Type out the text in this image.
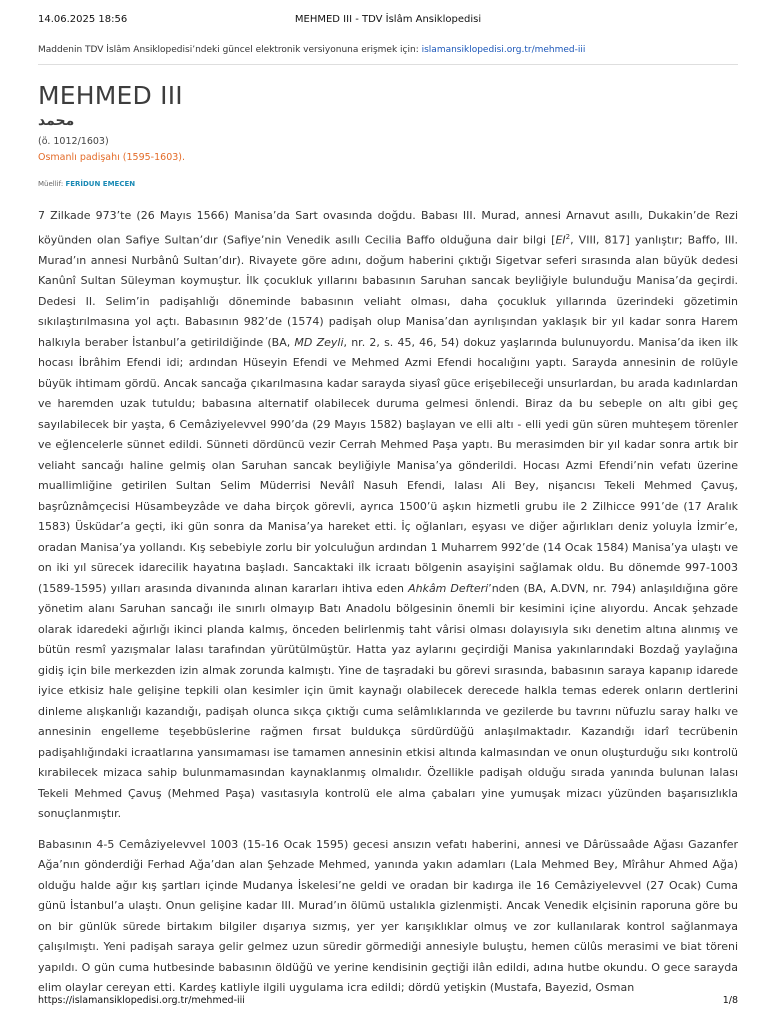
14.06.2025 18:56	MEHMED III - TDV İslâm Ansiklopedisi
Maddenin TDV İslâm Ansiklopedisi’ndeki güncel elektronik versiyonuna erişmek için: islamansiklopedisi.org.tr/mehmed-iii
MEHMED III
محمد
(ö. 1012/1603)
Osmanlı padişahı (1595-1603).
Müellif: FERİDUN EMECEN

7 Zilkade 973’te (26 Mayıs 1566) Manisa’da Sart ovasında doğdu. Babası III. Murad, annesi Arnavut asıllı, Dukakin’de Rezi köyünden olan Safiye Sultan’dır (Safiye’nin Venedik asıllı Cecilia Baffo olduğuna dair bilgi [$EI^2$, VIII, 817] yanlıştır; Baffo, III. Murad’ın annesi Nurbânû Sultan’dır). Rivayete göre adını, doğum haberini çıktığı Sigetvar seferi sırasında alan büyük dedesi Kanûnî Sultan Süleyman koymuştur. İlk çocukluk yıllarını babasının Saruhan sancak beyliğiyle bulunduğu Manisa’da geçirdi. Dedesi II. Selim’in padişahlığı döneminde babasının veliaht olması, daha çocukluk yıllarında üzerindeki gözetimin sıkılaştırılmasına yol açtı. Babasının 982’de (1574) padişah olup Manisa’dan ayrılışından yaklaşık bir yıl kadar sonra Harem halkıyla beraber İstanbul’a getirildiğinde (BA, MD Zeyli, nr. 2, s. 45, 46, 54) dokuz yaşlarında bulunuyordu. Manisa’da iken ilk hocası İbrâhim Efendi idi; ardından Hüseyin Efendi ve Mehmed Azmi Efendi hocalığını yaptı. Sarayda annesinin de rolüyle büyük ihtimam gördü. Ancak sancağa çıkarılmasına kadar sarayda siyasî güce erişebileceği unsurlardan, bu arada kadınlardan ve haremden uzak tutuldu; babasına alternatif olabilecek duruma gelmesi önlendi. Biraz da bu sebeple on altı gibi geç sayılabilecek bir yaşta, 6 Cemâziyelevvel 990’da (29 Mayıs 1582) başlayan ve elli altı - elli yedi gün süren muhteşem törenler ve eğlencelerle sünnet edildi. Sünneti dördüncü vezir Cerrah Mehmed Paşa yaptı. Bu merasimden bir yıl kadar sonra artık bir veliaht sancağı haline gelmiş olan Saruhan sancak beyliğiyle Manisa’ya gönderildi. Hocası Azmi Efendi’nin vefatı üzerine muallimliğine getirilen Sultan Selim Müderrisi Nevâlî Nasuh Efendi, lalası Ali Bey, nişancısı Tekeli Mehmed Çavuş, başrûznâmçecisi Hüsambeyzâde ve daha birçok görevli, ayrıca 1500’ü aşkın hizmetli grubu ile 2 Zilhicce 991’de (17 Aralık 1583) Üsküdar’a geçti, iki gün sonra da Manisa’ya hareket etti. İç oğlanları, eşyası ve diğer ağırlıkları deniz yoluyla İzmir’e, oradan Manisa’ya yollandı. Kış sebebiyle zorlu bir yolculuğun ardından 1 Muharrem 992’de (14 Ocak 1584) Manisa’ya ulaştı ve on iki yıl sürecek idarecilik hayatına başladı. Sancaktaki ilk icraatı bölgenin asayişini sağlamak oldu. Bu dönemde 997-1003 (1589-1595) yılları arasında divanında alınan kararları ihtiva eden Ahkâm Defteri’nden (BA, A.DVN, nr. 794) anlaşıldığına göre yönetim alanı Saruhan sancağı ile sınırlı olmayıp Batı Anadolu bölgesinin önemli bir kesimini içine alıyordu. Ancak şehzade olarak idaredeki ağırlığı ikinci planda kalmış, önceden belirlenmiş taht vârisi olması dolayısıyla sıkı denetim altına alınmış ve bütün resmî yazışmalar lalası tarafından yürütülmüştür. Hatta yaz aylarını geçirdiği Manisa yakınlarındaki Bozdağ yaylağına gidiş için bile merkezden izin almak zorunda kalmıştı. Yine de taşradaki bu görevi sırasında, babasının saraya kapanıp idarede iyice etkisiz hale gelişine tepkili olan kesimler için ümit kaynağı olabilecek derecede halkla temas ederek onların dertlerini dinleme alışkanlığı kazandığı, padişah olunca sıkça çıktığı cuma selâmlıklarında ve gezilerde bu tavrını nüfuzlu saray halkı ve annesinin engelleme teşebbüslerine rağmen fırsat buldukça sürdürdüğü anlaşılmaktadır. Kazandığı idarî tecrübenin padişahlığındaki icraatlarına yansımaması ise tamamen annesinin etkisi altında kalmasından ve onun oluşturduğu sıkı kontrolü kırabilecek mizaca sahip bulunmamasından kaynaklanmış olmalıdır. Özellikle padişah olduğu sırada yanında bulunan lalası Tekeli Mehmed Çavuş (Mehmed Paşa) vasıtasıyla kontrolü ele alma çabaları yine yumuşak mizacı yüzünden başarısızlıkla sonuçlanmıştır.

Babasının 4-5 Cemâziyelevvel 1003 (15-16 Ocak 1595) gecesi ansızın vefatı haberini, annesi ve Dârüssaâde Ağası Gazanfer Ağa’nın gönderdiği Ferhad Ağa’dan alan Şehzade Mehmed, yanında yakın adamları (Lala Mehmed Bey, Mîrâhur Ahmed Ağa) olduğu halde ağır kış şartları içinde Mudanya İskelesi’ne geldi ve oradan bir kadırga ile 16 Cemâziyelevvel (27 Ocak) Cuma günü İstanbul’a ulaştı. Onun gelişine kadar III. Murad’ın ölümü ustalıkla gizlenmişti. Ancak Venedik elçisinin raporuna göre bu on bir günlük sürede birtakım bilgiler dışarıya sızmış, yer yer karışıklıklar olmuş ve zor kullanılarak kontrol sağlanmaya çalışılmıştı. Yeni padişah saraya gelir gelmez uzun süredir görmediği annesiyle buluştu, hemen cülûs merasimi ve biat töreni yapıldı. O gün cuma hutbesinde babasının öldüğü ve yerine kendisinin geçtiği ilân edildi, adına hutbe okundu. O gece sarayda elim olaylar cereyan etti. Kardeş katliyle ilgili uygulama icra edildi; dördü yetişkin (Mustafa, Bayezid, Osman

https://islamansiklopedisi.org.tr/mehmed-iii	1/8
